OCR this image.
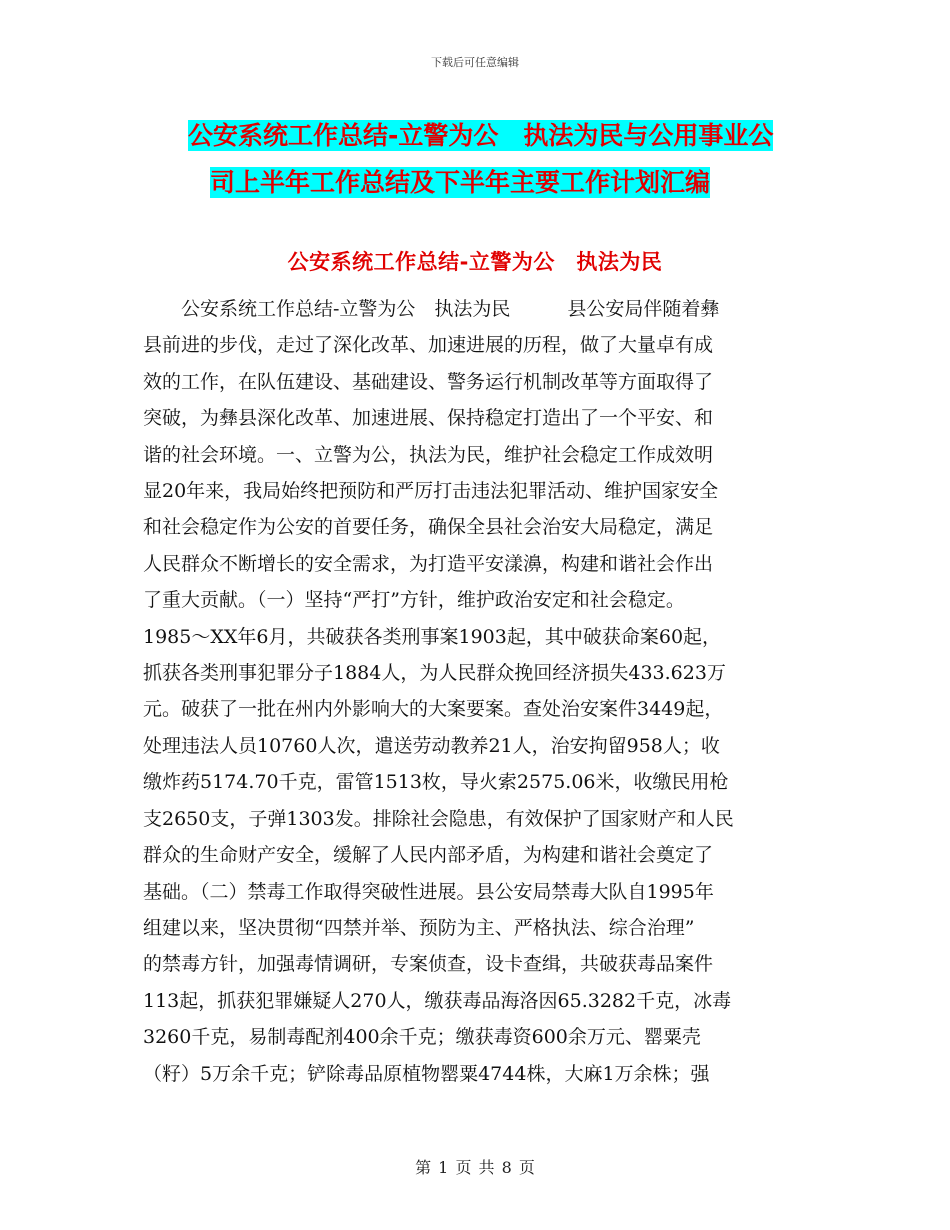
下载后可任意编辑
公安系统工作总结-立警为公　执法为民与公用事业公
司上半年工作总结及下半年主要工作计划汇编
公安系统工作总结-立警为公　执法为民

　　公安系统工作总结-立警为公　执法为民　　　县公安局伴随着彝

县前进的步伐，走过了深化改革、加速进展的历程，做了大量卓有成

效的工作，在队伍建设、基础建设、警务运行机制改革等方面取得了

突破，为彝县深化改革、加速进展、保持稳定打造出了一个平安、和

谐的社会环境。一、立警为公，执法为民，维护社会稳定工作成效明

显20年来，我局始终把预防和严厉打击违法犯罪活动、维护国家安全

和社会稳定作为公安的首要任务，确保全县社会治安大局稳定，满足

人民群众不断增长的安全需求，为打造平安漾濞，构建和谐社会作出

了重大贡献。（一）坚持“严打”方针，维护政治安定和社会稳定。

1985～XX年6月，共破获各类刑事案1903起，其中破获命案60起，

抓获各类刑事犯罪分子1884人，为人民群众挽回经济损失433.623万

元。破获了一批在州内外影响大的大案要案。查处治安案件3449起，

处理违法人员10760人次，遣送劳动教养21人，治安拘留958人；收

缴炸药5174.70千克，雷管1513枚，导火索2575.06米，收缴民用枪

支2650支，子弹1303发。排除社会隐患，有效保护了国家财产和人民

群众的生命财产安全，缓解了人民内部矛盾，为构建和谐社会奠定了

基础。（二）禁毒工作取得突破性进展。县公安局禁毒大队自1995年

组建以来，坚决贯彻“四禁并举、预防为主、严格执法、综合治理”

的禁毒方针，加强毒情调研，专案侦查，设卡查缉，共破获毒品案件

113起，抓获犯罪嫌疑人270人，缴获毒品海洛因65.3282千克，冰毒

3260千克，易制毒配剂400余千克；缴获毒资600余万元、罂粟壳

（籽）5万余千克；铲除毒品原植物罂粟4744株，大麻1万余株；强

第 1 页 共 8 页
